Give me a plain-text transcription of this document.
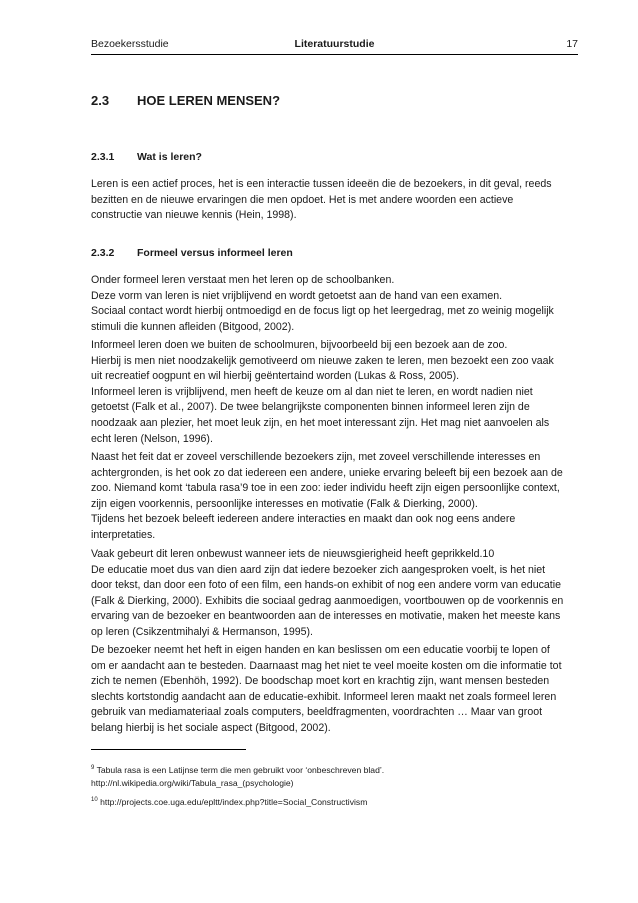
Bezoekersstudie	Literatuurstudie	17
2.3 HOE LEREN MENSEN?
2.3.1 Wat is leren?
Leren is een actief proces, het is een interactie tussen ideeën die de bezoekers, in dit geval, reeds
bezitten en de nieuwe ervaringen die men opdoet. Het is met andere woorden een actieve
constructie van nieuwe kennis (Hein, 1998).
2.3.2 Formeel versus informeel leren
Onder formeel leren verstaat men het leren op de schoolbanken.
Deze vorm van leren is niet vrijblijvend en wordt getoetst aan de hand van een examen.
Sociaal contact wordt hierbij ontmoedigd en de focus ligt op het leergedrag, met zo weinig mogelijk
stimuli die kunnen afleiden (Bitgood, 2002).
Informeel leren doen we buiten de schoolmuren, bijvoorbeeld bij een bezoek aan de zoo.
Hierbij is men niet noodzakelijk gemotiveerd om nieuwe zaken te leren, men bezoekt een zoo vaak
uit recreatief oogpunt en wil hierbij geëntertaind worden (Lukas & Ross, 2005).
Informeel leren is vrijblijvend, men heeft de keuze om al dan niet te leren, en wordt nadien niet
getoetst (Falk et al., 2007). De twee belangrijkste componenten binnen informeel leren zijn de
noodzaak aan plezier, het moet leuk zijn, en het moet interessant zijn. Het mag niet aanvoelen als
echt leren (Nelson, 1996).
Naast het feit dat er zoveel verschillende bezoekers zijn, met zoveel verschillende interesses en
achtergronden, is het ook zo dat iedereen een andere, unieke ervaring beleeft bij een bezoek aan de
zoo. Niemand komt ‘tabula rasa’9 toe in een zoo: ieder individu heeft zijn eigen persoonlijke context,
zijn eigen voorkennis, persoonlijke interesses en motivatie (Falk & Dierking, 2000).
Tijdens het bezoek beleeft iedereen andere interacties en maakt dan ook nog eens andere
interpretaties.
Vaak gebeurt dit leren onbewust wanneer iets de nieuwsgierigheid heeft geprikkeld.10
De educatie moet dus van dien aard zijn dat iedere bezoeker zich aangesproken voelt, is het niet
door tekst, dan door een foto of een film, een hands-on exhibit of nog een andere vorm van educatie
(Falk & Dierking, 2000). Exhibits die sociaal gedrag aanmoedigen, voortbouwen op de voorkennis en
ervaring van de bezoeker en beantwoorden aan de interesses en motivatie, maken het meeste kans
op leren (Csikzentmihalyi & Hermanson, 1995).
De bezoeker neemt het heft in eigen handen en kan beslissen om een educatie voorbij te lopen of
om er aandacht aan te besteden. Daarnaast mag het niet te veel moeite kosten om die informatie tot
zich te nemen (Ebenhöh, 1992). De boodschap moet kort en krachtig zijn, want mensen besteden
slechts kortstondig aandacht aan de educatie-exhibit. Informeel leren maakt net zoals formeel leren
gebruik van mediamateriaal zoals computers, beeldfragmenten, voordrachten … Maar van groot
belang hierbij is het sociale aspect (Bitgood, 2002).
$^9$ Tabula rasa is een Latijnse term die men gebruikt voor ‘onbeschreven blad’.
http://nl.wikipedia.org/wiki/Tabula_rasa_(psychologie)
$^{10}$ http://projects.coe.uga.edu/epltt/index.php?title=Social_Constructivism
